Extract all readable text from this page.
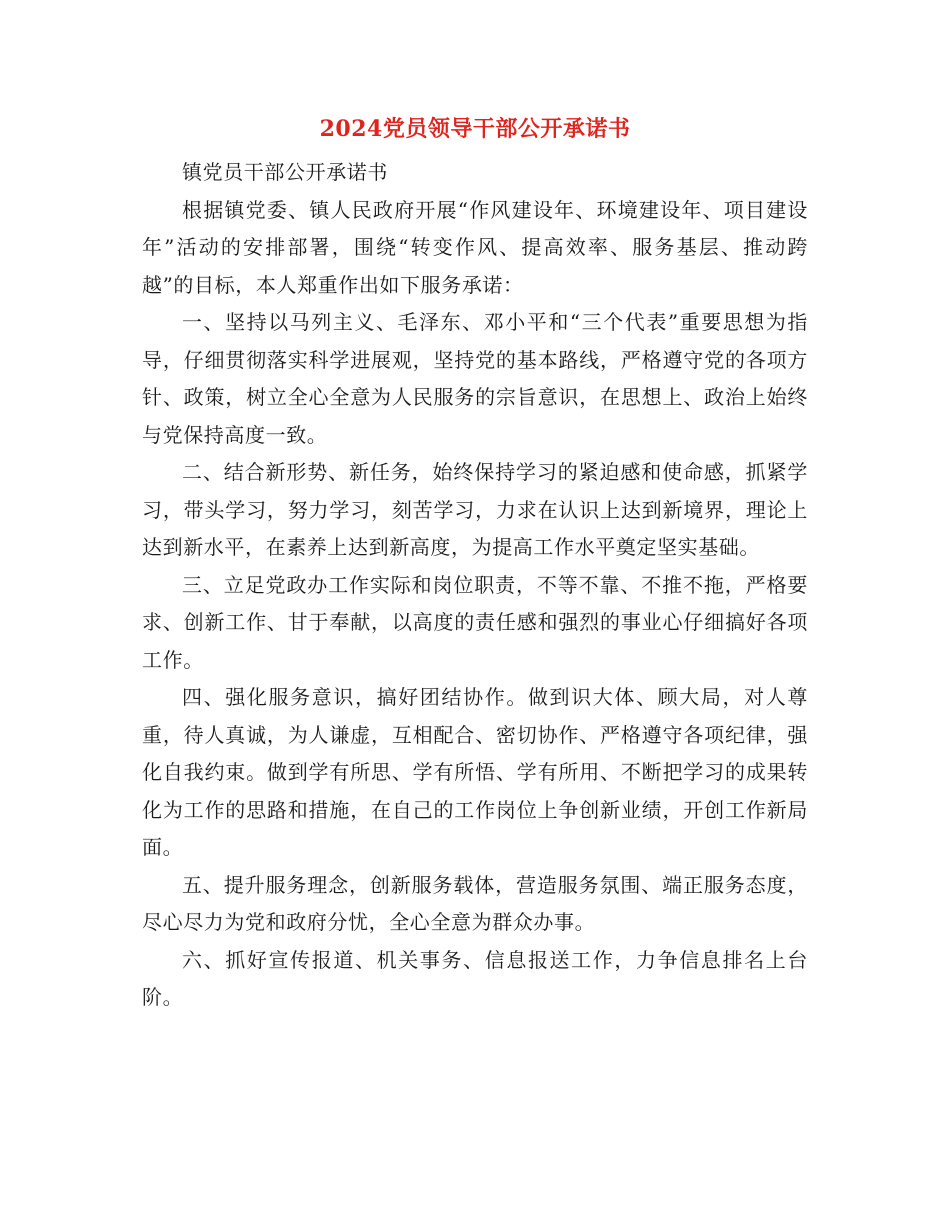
2024党员领导干部公开承诺书

镇党员干部公开承诺书

根据镇党委、镇人民政府开展“作风建设年、环境建设年、项目建设年”活动的安排部署，围绕“转变作风、提高效率、服务基层、推动跨越”的目标，本人郑重作出如下服务承诺：

一、坚持以马列主义、毛泽东、邓小平和“三个代表”重要思想为指导，仔细贯彻落实科学进展观，坚持党的基本路线，严格遵守党的各项方针、政策，树立全心全意为人民服务的宗旨意识，在思想上、政治上始终与党保持高度一致。

二、结合新形势、新任务，始终保持学习的紧迫感和使命感，抓紧学习，带头学习，努力学习，刻苦学习，力求在认识上达到新境界，理论上达到新水平，在素养上达到新高度，为提高工作水平奠定坚实基础。

三、立足党政办工作实际和岗位职责，不等不靠、不推不拖，严格要求、创新工作、甘于奉献，以高度的责任感和强烈的事业心仔细搞好各项工作。

四、强化服务意识，搞好团结协作。做到识大体、顾大局，对人尊重，待人真诚，为人谦虚，互相配合、密切协作、严格遵守各项纪律，强化自我约束。做到学有所思、学有所悟、学有所用、不断把学习的成果转化为工作的思路和措施，在自己的工作岗位上争创新业绩，开创工作新局面。

五、提升服务理念，创新服务载体，营造服务氛围、端正服务态度，尽心尽力为党和政府分忧，全心全意为群众办事。

六、抓好宣传报道、机关事务、信息报送工作，力争信息排名上台阶。
